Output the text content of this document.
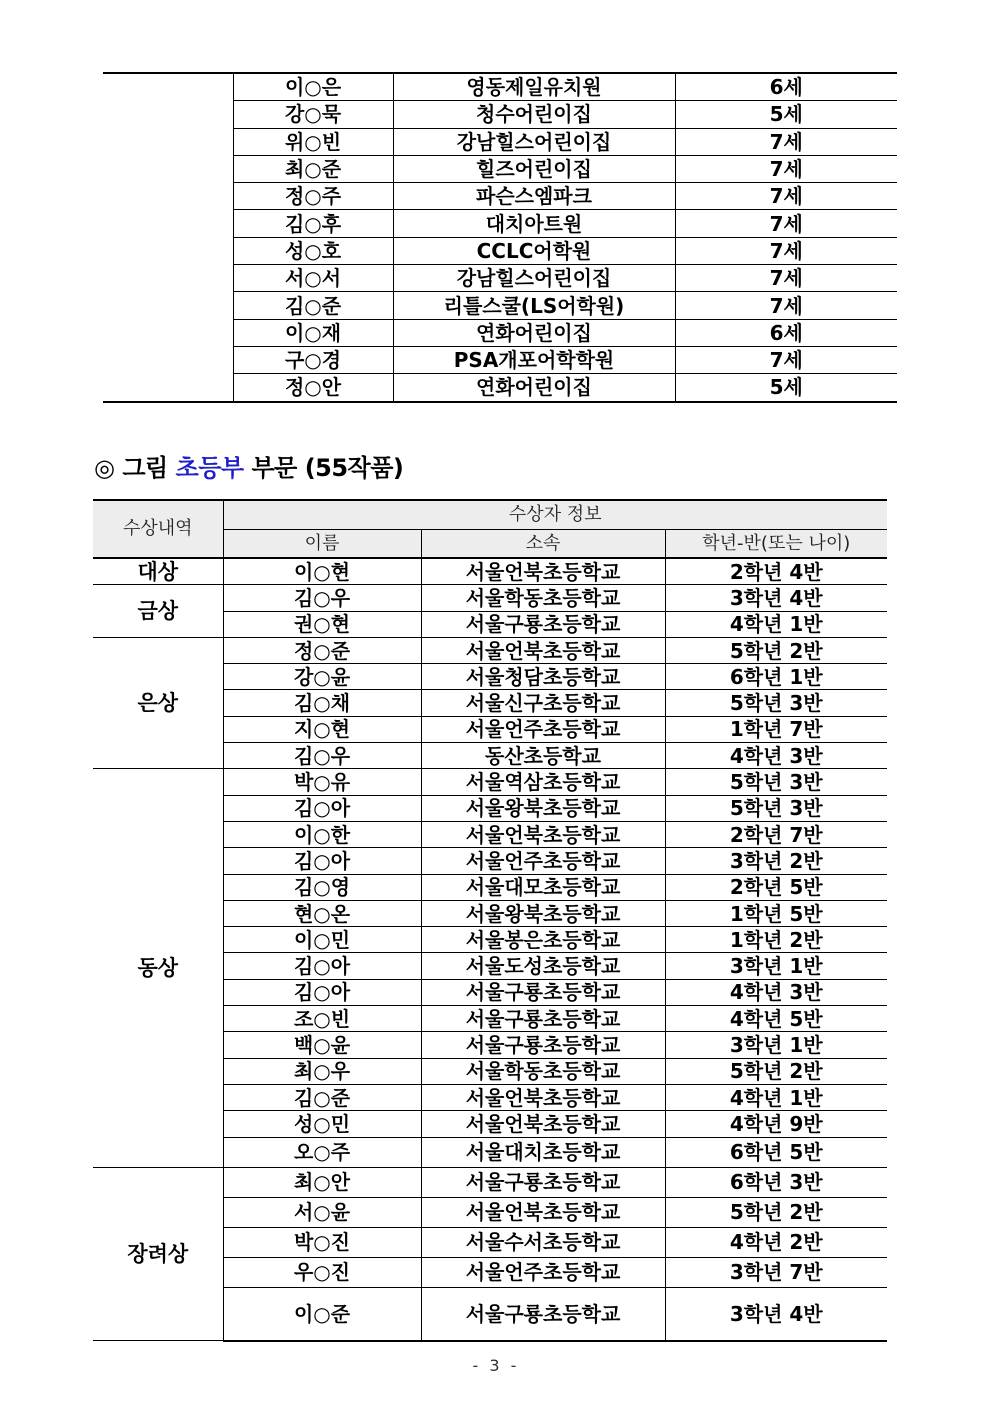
	이○은	영동제일유치원	6세
	강○묵	청수어린이집	5세
	위○빈	강남힐스어린이집	7세
	최○준	힐즈어린이집	7세
	정○주	파슨스엠파크	7세
	김○후	대치아트원	7세
	성○호	CCLC어학원	7세
	서○서	강남힐스어린이집	7세
	김○준	리틀스쿨(LS어학원)	7세
	이○재	연화어린이집	6세
	구○경	PSA개포어학학원	7세
	정○안	연화어린이집	5세
◎ 그림 초등부 부문 (55작품)
수상내역	수상자 정보		
	이름	소속	학년-반(또는 나이)
대상	이○현	서울언북초등학교	2학년 4반
금상	김○우	서울학동초등학교	3학년 4반
	권○현	서울구룡초등학교	4학년 1반
은상	정○준	서울언북초등학교	5학년 2반
	강○윤	서울청담초등학교	6학년 1반
	김○채	서울신구초등학교	5학년 3반
	지○현	서울언주초등학교	1학년 7반
	김○우	동산초등학교	4학년 3반
동상	박○유	서울역삼초등학교	5학년 3반
	김○아	서울왕북초등학교	5학년 3반
	이○한	서울언북초등학교	2학년 7반
	김○아	서울언주초등학교	3학년 2반
	김○영	서울대모초등학교	2학년 5반
	현○온	서울왕북초등학교	1학년 5반
	이○민	서울봉은초등학교	1학년 2반
	김○아	서울도성초등학교	3학년 1반
	김○아	서울구룡초등학교	4학년 3반
	조○빈	서울구룡초등학교	4학년 5반
	백○윤	서울구룡초등학교	3학년 1반
	최○우	서울학동초등학교	5학년 2반
	김○준	서울언북초등학교	4학년 1반
	성○민	서울언북초등학교	4학년 9반
	오○주	서울대치초등학교	6학년 5반
장려상	최○안	서울구룡초등학교	6학년 3반
	서○윤	서울언북초등학교	5학년 2반
	박○진	서울수서초등학교	4학년 2반
	우○진	서울언주초등학교	3학년 7반
	이○준	서울구룡초등학교	3학년 4반
- 3 -
